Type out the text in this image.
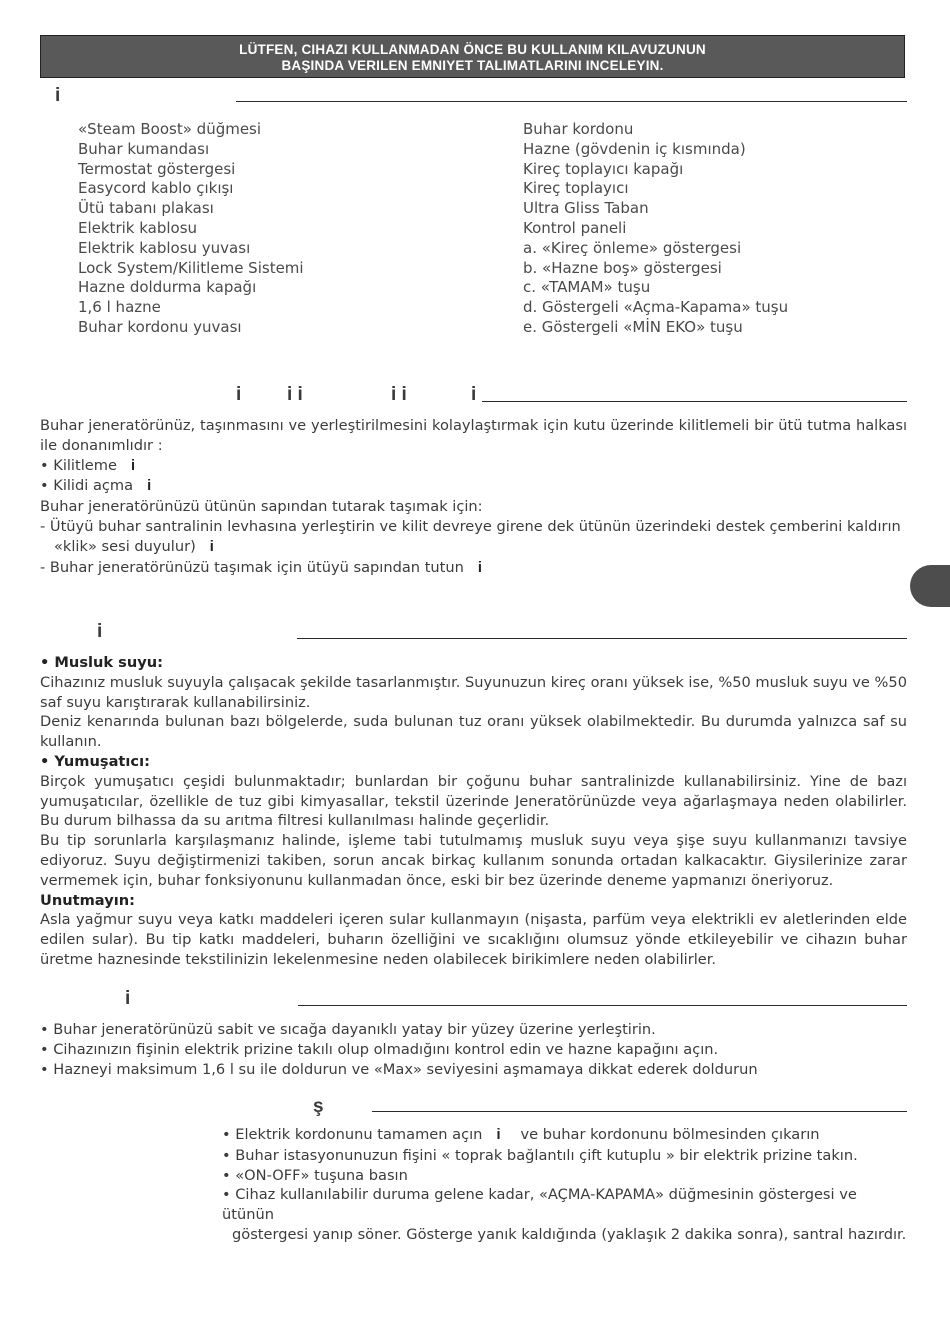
LÜTFEN, CIHAZI KULLANMADAN ÖNCE BU KULLANIM KILAVUZUNUN
BAŞINDA VERILEN EMNIYET TALIMATLARINI INCELEYIN.
i
«Steam Boost» düğmesi
Buhar kumandası
Termostat göstergesi
Easycord kablo çıkışı
Ütü tabanı plakası
Elektrik kablosu
Elektrik kablosu yuvası
Lock System/Kilitleme Sistemi
Hazne doldurma kapağı
1,6 l hazne
Buhar kordonu yuvası
Buhar kordonu
Hazne (gövdenin iç kısmında)
Kireç toplayıcı kapağı
Kireç toplayıcı
Ultra Gliss Taban
Kontrol paneli
a. «Kireç önleme» göstergesi
b. «Hazne boş» göstergesi
c. «TAMAM» tuşu
d. Göstergeli «Açma-Kapama» tuşu
e. Göstergeli «MİN EKO» tuşu
i i i	i i	i

Buhar jeneratörünüz, taşınmasını ve yerleştirilmesini kolaylaştırmak için kutu üzerinde kilitlemeli bir ütü tutma halkası ile donanımlıdır :

• Kilitleme i

• Kilidi açma i

Buhar jeneratörünüzü ütünün sapından tutarak taşımak için:

- Ütüyü buhar santralinin levhasına yerleştirin ve kilit devreye girene dek ütünün üzerindeki destek çemberini kaldırın

«klik» sesi duyulur) i

- Buhar jeneratörünüzü taşımak için ütüyü sapından tutun i

i

• Musluk suyu:

Cihazınız musluk suyuyla çalışacak şekilde tasarlanmıştır. Suyunuzun kireç oranı yüksek ise, %50 musluk suyu ve %50 saf suyu karıştırarak kullanabilirsiniz.

Deniz kenarında bulunan bazı bölgelerde, suda bulunan tuz oranı yüksek olabilmektedir. Bu durumda yalnızca saf su kullanın.

• Yumuşatıcı:

Birçok yumuşatıcı çeşidi bulunmaktadır; bunlardan bir çoğunu buhar santralinizde kullanabilirsiniz. Yine de bazı yumuşatıcılar, özellikle de tuz gibi kimyasallar, tekstil üzerinde Jeneratörünüzde veya ağarlaşmaya neden olabilirler. Bu durum bilhassa da su arıtma filtresi kullanılması halinde geçerlidir.

Bu tip sorunlarla karşılaşmanız halinde, işleme tabi tutulmamış musluk suyu veya şişe suyu kullanmanızı tavsiye ediyoruz. Suyu değiştirmenizi takiben, sorun ancak birkaç kullanım sonunda ortadan kalkacaktır. Giysilerinize zarar vermemek için, buhar fonksiyonunu kullanmadan önce, eski bir bez üzerinde deneme yapmanızı öneriyoruz.

Unutmayın:

Asla yağmur suyu veya katkı maddeleri içeren sular kullanmayın (nişasta, parfüm veya elektrikli ev aletlerinden elde edilen sular). Bu tip katkı maddeleri, buharın özelliğini ve sıcaklığını olumsuz yönde etkileyebilir ve cihazın buhar üretme haznesinde tekstilinizin lekelenmesine neden olabilecek birikimlere neden olabilirler.

i

• Buhar jeneratörünüzü sabit ve sıcağa dayanıklı yatay bir yüzey üzerine yerleştirin.

• Cihazınızın fişinin elektrik prizine takılı olup olmadığını kontrol edin ve hazne kapağını açın.

• Hazneyi maksimum 1,6 l su ile doldurun ve «Max» seviyesini aşmamaya dikkat ederek doldurun

ş

• Elektrik kordonunu tamamen açın i ve buhar kordonunu bölmesinden çıkarın

• Buhar istasyonunuzun fişini « toprak bağlantılı çift kutuplu » bir elektrik prizine takın.

• «ON-OFF» tuşuna basın

• Cihaz kullanılabilir duruma gelene kadar, «AÇMA-KAPAMA» düğmesinin göstergesi ve ütünün

göstergesi yanıp söner. Gösterge yanık kaldığında (yaklaşık 2 dakika sonra), santral hazırdır.
